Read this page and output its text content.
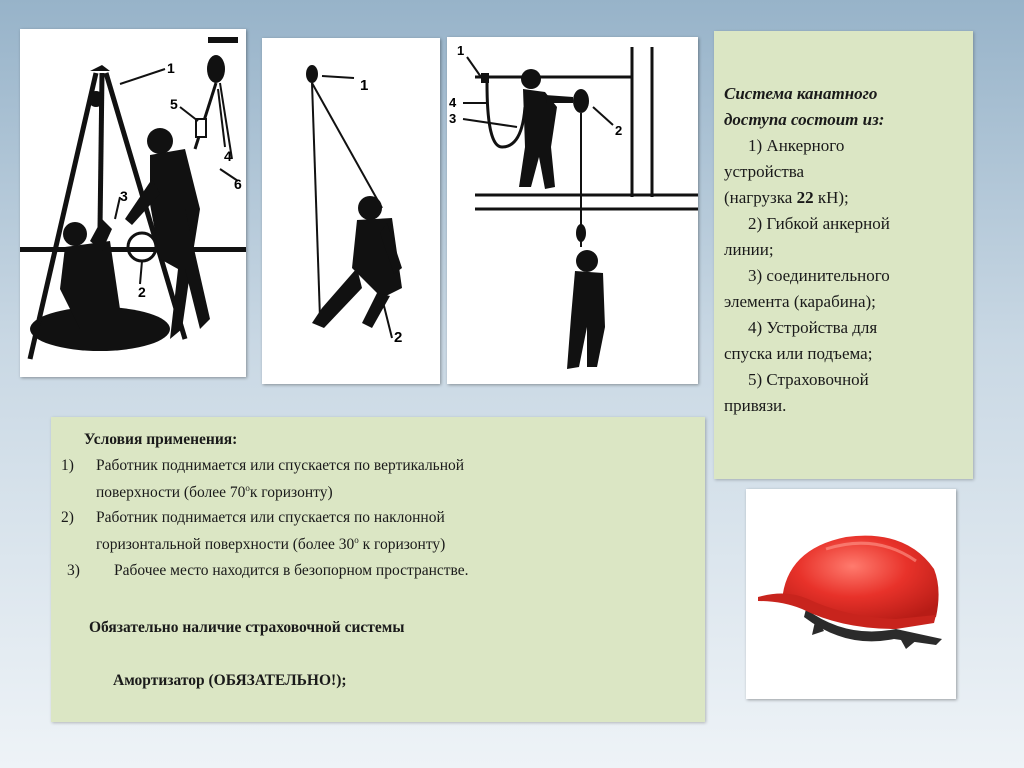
1
5
4
6
3
2
1
2
1
4
3
2
Система канатного
доступа состоит из:
1) Анкерного
устройства
(нагрузка 22 кН);
2) Гибкой анкерной
линии;
3) соединительного
элемента (карабина);
4) Устройства для
спуска или подъема;
5) Страховочной
привязи.
Условия применения:
1) Работник поднимается или спускается по вертикальной
поверхности (более $70^ок$ горизонту)
2) Работник поднимается или спускается по наклонной
горизонтальной поверхности (более $30^о$ к горизонту)
3) Рабочее место находится в безопорном пространстве.
Обязательно наличие страховочной системы
Амортизатор (ОБЯЗАТЕЛЬНО!);
